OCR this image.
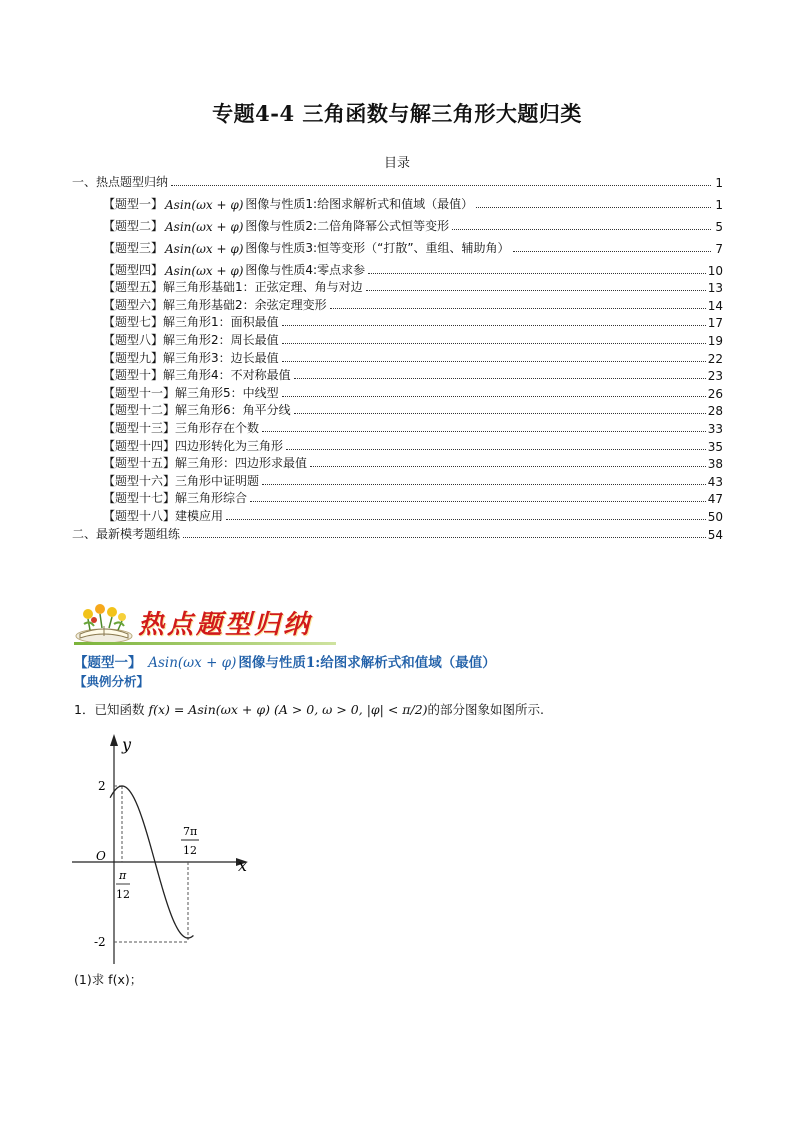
专题4-4 三角函数与解三角形大题归类
目录
一、热点题型归纳	1
【题型一】 Asin(ωx + φ) 图像与性质1:给图求解析式和值域（最值）	1
【题型二】 Asin(ωx + φ) 图像与性质2:二倍角降幂公式恒等变形	5
【题型三】 Asin(ωx + φ) 图像与性质3:恒等变形（“打散”、重组、辅助角）	7
【题型四】 Asin(ωx + φ) 图像与性质4:零点求参	10
【题型五】 解三角形基础1：正弦定理、角与对边	13
【题型六】 解三角形基础2：余弦定理变形	14
【题型七】 解三角形1：面积最值	17
【题型八】 解三角形2：周长最值	19
【题型九】 解三角形3：边长最值	22
【题型十】 解三角形4：不对称最值	23
【题型十一】 解三角形5：中线型	26
【题型十二】 解三角形6：角平分线	28
【题型十三】 三角形存在个数	33
【题型十四】 四边形转化为三角形	35
【题型十五】 解三角形：四边形求最值	38
【题型十六】 三角形中证明题	43
【题型十七】 解三角形综合	47
【题型十八】 建模应用	50
二、最新模考题组练	54
热点题型归纳
【题型一】 Asin(ωx + φ) 图像与性质1:给图求解析式和值域（最值）
【典例分析】
1．已知函数 f(x) = Asin(ωx + φ) (A > 0, ω > 0, |φ| < π/2)的部分图象如图所示.
y
x
O
2
-2
π
12
7π
12
(1)求 f(x)；
